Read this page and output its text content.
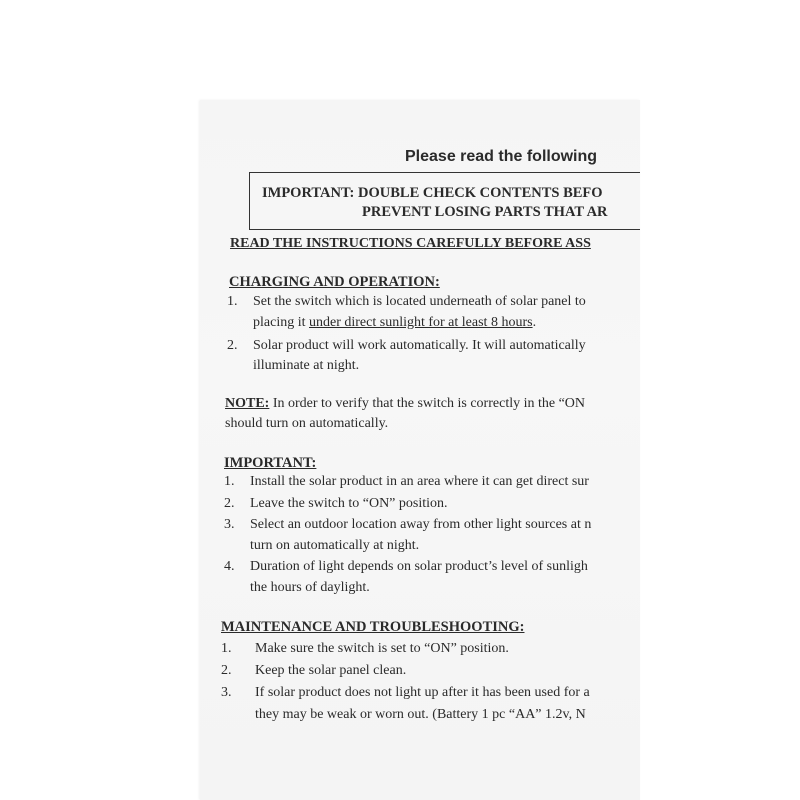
Please read the following
IMPORTANT: DOUBLE CHECK CONTENTS BEFO
PREVENT LOSING PARTS THAT AR
READ THE INSTRUCTIONS CAREFULLY BEFORE ASS
CHARGING AND OPERATION:
1. Set the switch which is located underneath of solar panel to
placing it under direct sunlight for at least 8 hours.
2. Solar product will work automatically. It will automatically
illuminate at night.
NOTE: In order to verify that the switch is correctly in the “ON
should turn on automatically.
IMPORTANT:
1. Install the solar product in an area where it can get direct sur
2. Leave the switch to “ON” position.
3. Select an outdoor location away from other light sources at n
turn on automatically at night.
4. Duration of light depends on solar product’s level of sunligh
the hours of daylight.
MAINTENANCE AND TROUBLESHOOTING:
1. Make sure the switch is set to “ON” position.
2. Keep the solar panel clean.
3. If solar product does not light up after it has been used for a
they may be weak or worn out. (Battery 1 pc “AA” 1.2v, N
